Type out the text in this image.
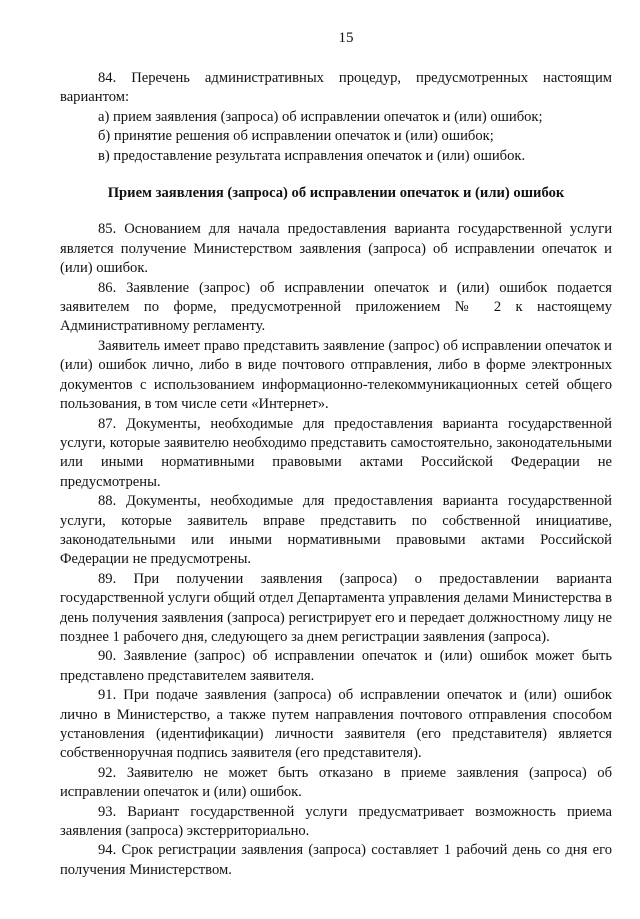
15

84. Перечень административных процедур, предусмотренных настоящим вариантом:

а) прием заявления (запроса) об исправлении опечаток и (или) ошибок;

б) принятие решения об исправлении опечаток и (или) ошибок;

в) предоставление результата исправления опечаток и (или) ошибок.

Прием заявления (запроса) об исправлении опечаток и (или) ошибок

85. Основанием для начала предоставления варианта государственной услуги является получение Министерством заявления (запроса) об исправлении опечаток и (или) ошибок.

86. Заявление (запрос) об исправлении опечаток и (или) ошибок подается заявителем по форме, предусмотренной приложением № 2 к настоящему Административному регламенту.

Заявитель имеет право представить заявление (запрос) об исправлении опечаток и (или) ошибок лично, либо в виде почтового отправления, либо в форме электронных документов с использованием информационно-телекоммуникационных сетей общего пользования, в том числе сети «Интернет».

87. Документы, необходимые для предоставления варианта государственной услуги, которые заявителю необходимо представить самостоятельно, законодательными или иными нормативными правовыми актами Российской Федерации не предусмотрены.

88. Документы, необходимые для предоставления варианта государственной услуги, которые заявитель вправе представить по собственной инициативе, законодательными или иными нормативными правовыми актами Российской Федерации не предусмотрены.

89. При получении заявления (запроса) о предоставлении варианта государственной услуги общий отдел Департамента управления делами Министерства в день получения заявления (запроса) регистрирует его и передает должностному лицу не позднее 1 рабочего дня, следующего за днем регистрации заявления (запроса).

90. Заявление (запрос) об исправлении опечаток и (или) ошибок может быть представлено представителем заявителя.

91. При подаче заявления (запроса) об исправлении опечаток и (или) ошибок лично в Министерство, а также путем направления почтового отправления способом установления (идентификации) личности заявителя (его представителя) является собственноручная подпись заявителя (его представителя).

92. Заявителю не может быть отказано в приеме заявления (запроса) об исправлении опечаток и (или) ошибок.

93. Вариант государственной услуги предусматривает возможность приема заявления (запроса) экстерриториально.

94. Срок регистрации заявления (запроса) составляет 1 рабочий день со дня его получения Министерством.
